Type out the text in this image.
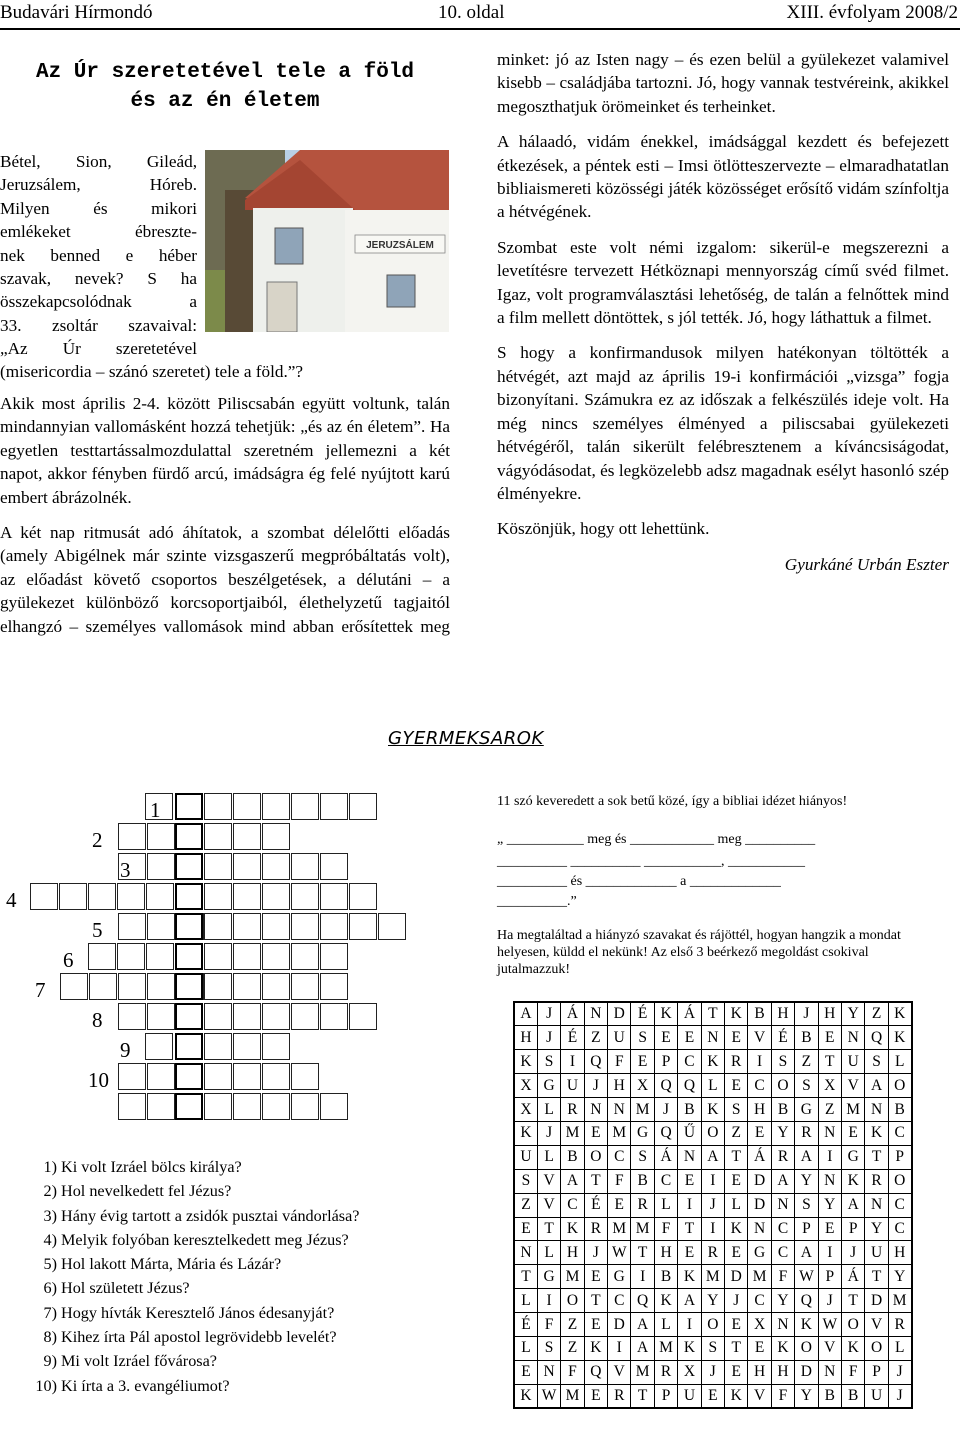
Budavári Hírmondó	10. oldal	XIII. évfolyam 2008/2
Az Úr szeretetével tele a föld
és az én életem
Bétel, Sion, Gileád,
Jeruzsálem, Hóreb.
Milyen és mikori
emlékeket ébreszte-
nek benned e héber
szavak, nevek? S ha
összekapcsolódnak a
33. zsoltár szavaival:
„Az Úr szeretetével
(misericordia – szánó szeretet) tele a föld.”?
JERUZSÁLEM

Akik most április 2-4. között Piliscsabán együtt voltunk, talán mindannyian vallomásként hozzá tehetjük: „és az én életem”. Ha egyetlen testtartássalmozdulattal szeretném jellemezni a két napot, akkor fényben fürdő arcú, imádságra ég felé nyújtott karú embert ábrázolnék.

A két nap ritmusát adó áhítatok, a szombat délelőtti előadás (amely Abigélnek már szinte vizsgaszerű megpróbáltatás volt), az előadást követő csoportos beszélgetések, a délutáni – a gyülekezet különböző korcsoportjaiból, élethelyzetű tagjaitól elhangzó – személyes vallomások mind abban erősítettek meg

minket: jó az Isten nagy – és ezen belül a gyülekezet valamivel kisebb – családjába tartozni. Jó, hogy vannak testvéreink, akikkel megoszthatjuk örömeinket és terheinket.

A hálaadó, vidám énekkel, imádsággal kezdett és befejezett étkezések, a péntek esti – Imsi ötlötteszervezte – elmaradhatatlan bibliaismereti közösségi játék közösséget erősítő vidám színfoltja a hétvégének.

Szombat este volt némi izgalom: sikerül-e megszerezni a levetítésre tervezett Hétköznapi mennyország című svéd filmet. Igaz, volt programválasztási lehetőség, de talán a felnőttek mind a film mellett döntöttek, s jól tették. Jó, hogy láthattuk a filmet.

S hogy a konfirmandusok milyen hatékonyan töltötték a hétvégét, azt majd az április 19-i konfirmációi „vizsga” fogja bizonyítani. Számukra ez az időszak a felkészülés ideje volt. Ha még nincs személyes élményed a piliscsabai gyülekezeti hétvégéről, talán sikerült felébresztenem a kíváncsiságodat, vágyódásodat, és legközelebb adsz magadnak esélyt hasonló szép élményekre.

Köszönjük, hogy ott lehettünk.

Gyurkáné Urbán Eszter

GYERMEKSAROK
1
2
3
4
5
6
7
8
9
10
1) Ki volt Izráel bölcs királya?
2) Hol nevelkedett fel Jézus?
3) Hány évig tartott a zsidók pusztai vándorlása?
4) Melyik folyóban keresztelkedett meg Jézus?
5) Hol lakott Márta, Mária és Lázár?
6) Hol született Jézus?
7) Hogy hívták Keresztelő János édesanyját?
8) Kihez írta Pál apostol legrövidebb levelét?
9) Mi volt Izráel fővárosa?
10) Ki írta a 3. evangéliumot?
11 szó keveredett a sok betű közé, így a bibliai idézet hiányos!
„ ___________ meg és ____________ meg __________
__________ __________ ___________, ___________
__________ és _____________ a _____________
__________.”
Ha megtaláltad a hiányzó szavakat és rájöttél, hogyan hangzik a mondat helyesen, küldd el nekünk! Az első 3 beérkező megoldást csokival jutalmazzuk!
A	J	Á	N	D	É	K	Á	T	K	B	H	J	H	Y	Z	K
H	J	É	Z	U	S	E	E	N	E	V	É	B	E	N	Q	K
K	S	I	Q	F	E	P	C	K	R	I	S	Z	T	U	S	L
X	G	U	J	H	X	Q	Q	L	E	C	O	S	X	V	A	O
X	L	R	N	N	M	J	B	K	S	H	B	G	Z	M	N	B
K	J	M	E	M	G	Q	Ű	O	Z	E	Y	R	N	E	K	C
U	L	B	O	C	S	Á	N	A	T	Á	R	A	I	G	T	P
S	V	A	T	F	B	C	E	I	E	D	A	Y	N	K	R	O
Z	V	C	É	E	R	L	I	J	L	D	N	S	Y	A	N	C
E	T	K	R	M	M	F	T	I	K	N	C	P	E	P	Y	C
N	L	H	J	W	T	H	E	R	E	G	C	A	I	J	U	H
T	G	M	E	G	I	B	K	M	D	M	F	W	P	Á	T	Y
L	I	O	T	C	Q	K	A	Y	J	C	Y	Q	J	T	D	M
É	F	Z	E	D	A	L	I	O	E	X	N	K	W	O	V	R
L	S	Z	K	I	A	M	K	S	T	E	K	O	V	K	O	L
E	N	F	Q	V	M	R	X	J	E	H	H	D	N	F	P	J
K	W	M	E	R	T	P	U	E	K	V	F	Y	B	B	U	J
